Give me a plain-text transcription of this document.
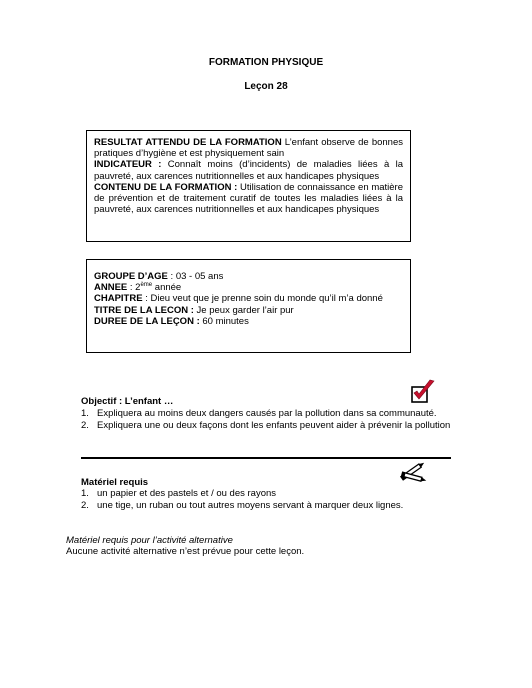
FORMATION PHYSIQUE
Leçon 28
RESULTAT ATTENDU DE LA FORMATION L’enfant observe de bonnes pratiques d’hygiène et est physiquement sain
INDICATEUR : Connaît moins (d’incidents) de maladies liées à la pauvreté, aux carences nutritionnelles et aux handicapes physiques
CONTENU DE LA FORMATION : Utilisation de connaissance en matière de prévention et de traitement curatif de toutes les maladies liées à la pauvreté, aux carences nutritionnelles et aux handicapes physiques
GROUPE D’AGE : 03 - 05 ans
ANNEE : 2ème année
CHAPITRE : Dieu veut que je prenne soin du monde qu’il m’a donné
TITRE DE LA LECON : Je peux garder l’air pur
DUREE DE LA LEÇON : 60 minutes
Objectif : L’enfant …
1. Expliquera au moins deux dangers causés par la pollution dans sa communauté.
2. Expliquera une ou deux façons dont les enfants peuvent aider à prévenir la pollution
Matériel requis
1. un papier et des pastels et / ou des rayons
2. une tige, un ruban ou tout autres moyens servant à marquer deux lignes.
Matériel requis pour l’activité alternative
Aucune activité alternative n’est prévue pour cette leçon.
